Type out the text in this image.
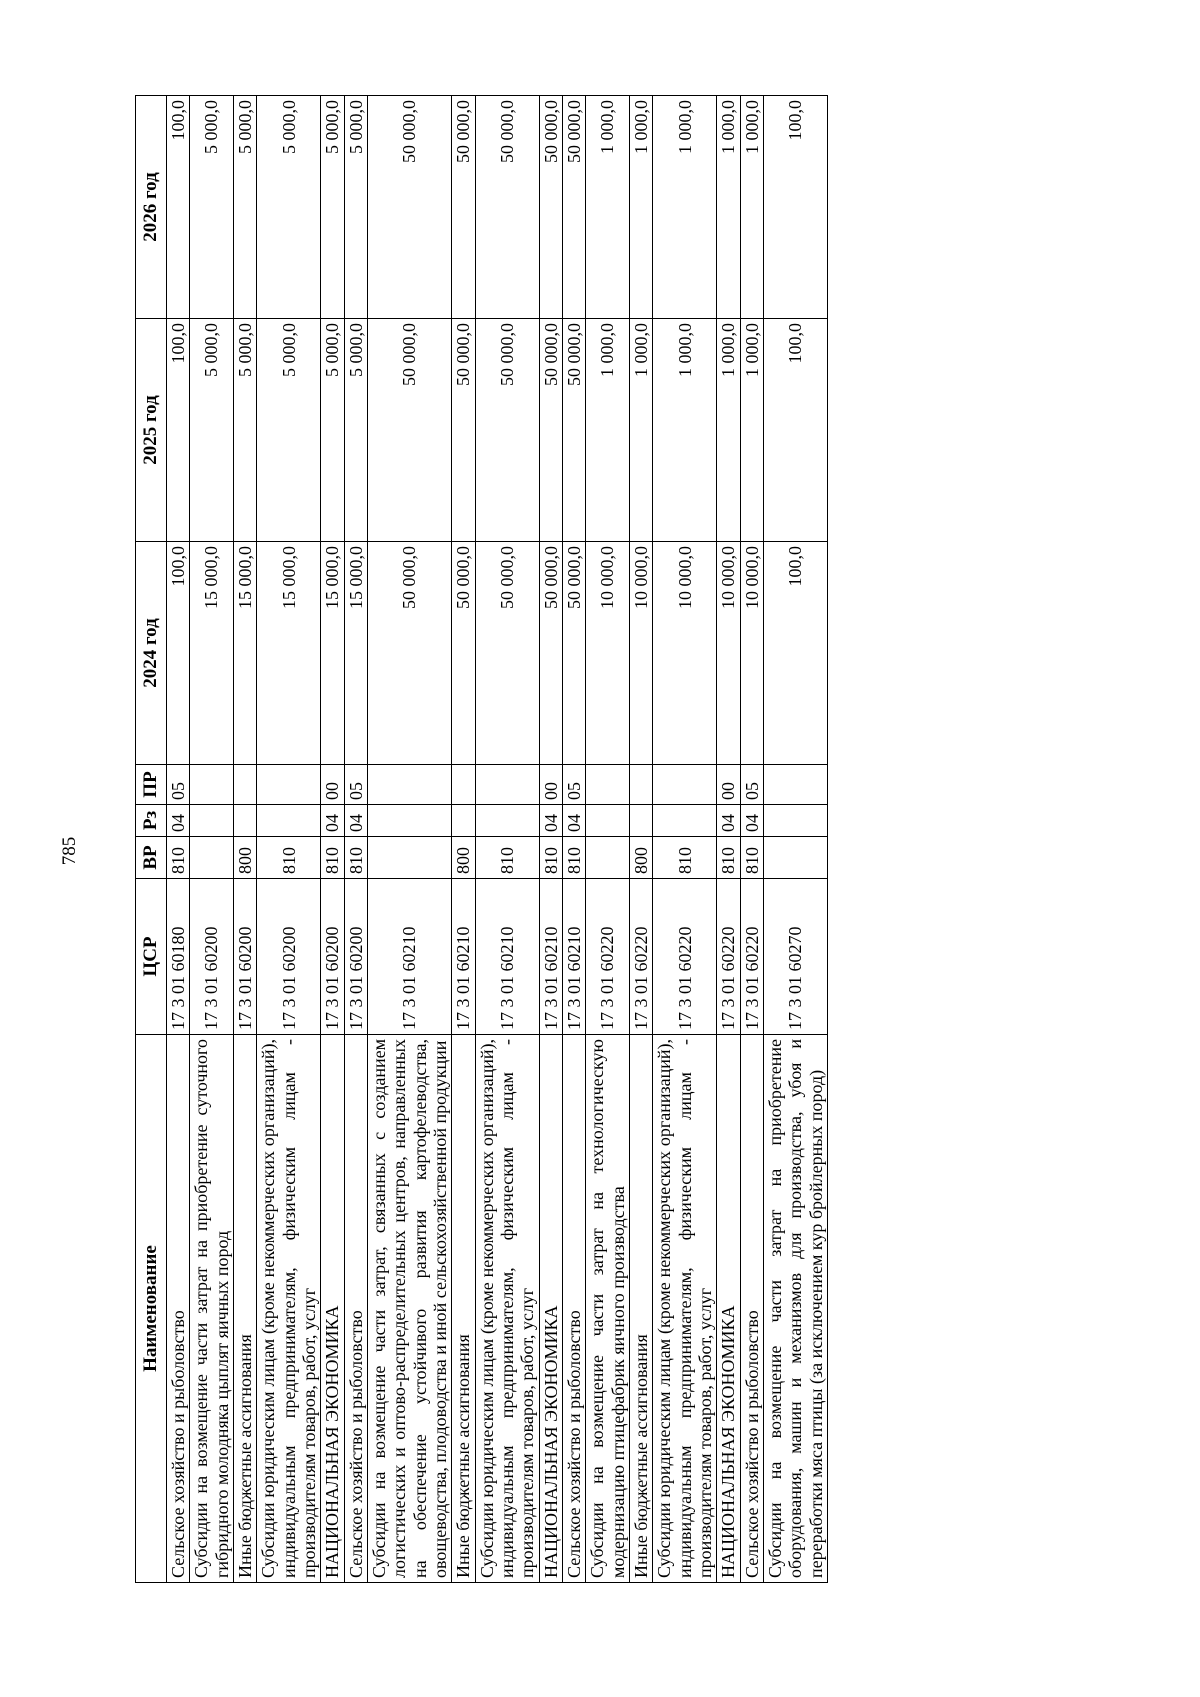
785
Наименование	ЦСР	ВР	Рз	ПР	2024 год	2025 год	2026 год
Сельское хозяйство и рыболовство	17 3 01 60180	810	04	05	100,0	100,0	100,0
Субсидии на возмещение части затрат на приобретение суточного гибридного молодняка цыплят яичных пород	17 3 01 60200				15 000,0	5 000,0	5 000,0
Иные бюджетные ассигнования	17 3 01 60200	800			15 000,0	5 000,0	5 000,0
Субсидии юридическим лицам (кроме некоммерческих организаций), индивидуальным предпринимателям, физическим лицам - производителям товаров, работ, услуг	17 3 01 60200	810			15 000,0	5 000,0	5 000,0
НАЦИОНАЛЬНАЯ ЭКОНОМИКА	17 3 01 60200	810	04	00	15 000,0	5 000,0	5 000,0
Сельское хозяйство и рыболовство	17 3 01 60200	810	04	05	15 000,0	5 000,0	5 000,0
Субсидии на возмещение части затрат, связанных с созданием логистических и оптово-распределительных центров, направленных на обеспечение устойчивого развития картофелеводства, овощеводства, плодоводства и иной сельскохозяйственной продукции	17 3 01 60210				50 000,0	50 000,0	50 000,0
Иные бюджетные ассигнования	17 3 01 60210	800			50 000,0	50 000,0	50 000,0
Субсидии юридическим лицам (кроме некоммерческих организаций), индивидуальным предпринимателям, физическим лицам - производителям товаров, работ, услуг	17 3 01 60210	810			50 000,0	50 000,0	50 000,0
НАЦИОНАЛЬНАЯ ЭКОНОМИКА	17 3 01 60210	810	04	00	50 000,0	50 000,0	50 000,0
Сельское хозяйство и рыболовство	17 3 01 60210	810	04	05	50 000,0	50 000,0	50 000,0
Субсидии на возмещение части затрат на технологическую модернизацию птицефабрик яичного производства	17 3 01 60220				10 000,0	1 000,0	1 000,0
Иные бюджетные ассигнования	17 3 01 60220	800			10 000,0	1 000,0	1 000,0
Субсидии юридическим лицам (кроме некоммерческих организаций), индивидуальным предпринимателям, физическим лицам - производителям товаров, работ, услуг	17 3 01 60220	810			10 000,0	1 000,0	1 000,0
НАЦИОНАЛЬНАЯ ЭКОНОМИКА	17 3 01 60220	810	04	00	10 000,0	1 000,0	1 000,0
Сельское хозяйство и рыболовство	17 3 01 60220	810	04	05	10 000,0	1 000,0	1 000,0
Субсидии на возмещение части затрат на приобретение оборудования, машин и механизмов для производства, убоя и переработки мяса птицы (за исключением кур бройлерных пород)	17 3 01 60270				100,0	100,0	100,0
